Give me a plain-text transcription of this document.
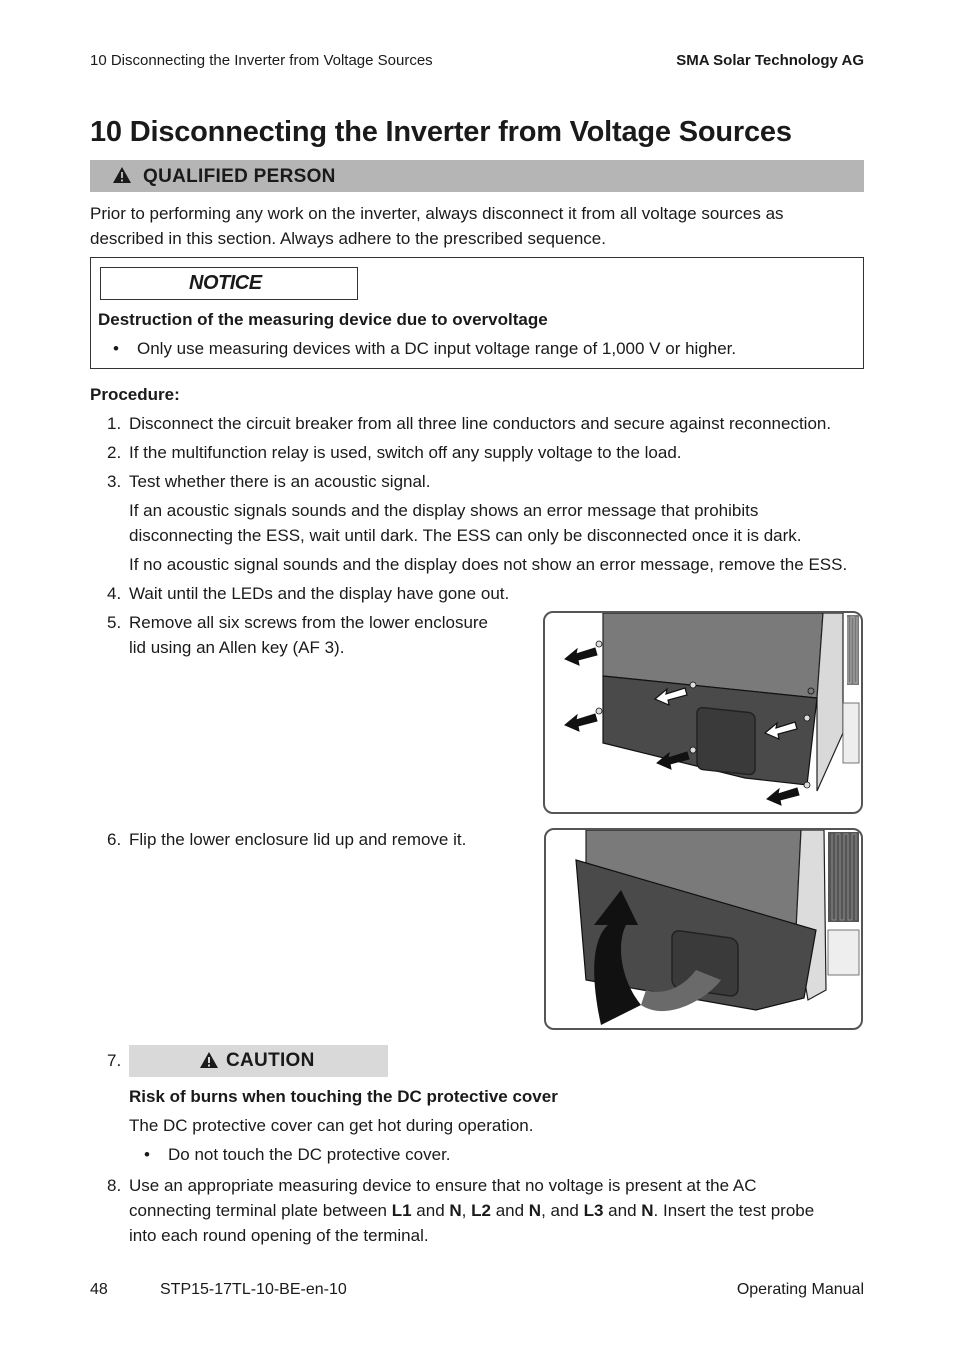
10 Disconnecting the Inverter from Voltage Sources	SMA Solar Technology AG
10 Disconnecting the Inverter from Voltage Sources
QUALIFIED PERSON
Prior to performing any work on the inverter, always disconnect it from all voltage sources as
described in this section. Always adhere to the prescribed sequence.
NOTICE
Destruction of the measuring device due to overvoltage
• Only use measuring devices with a DC input voltage range of 1,000 V or higher.
Procedure:
1. Disconnect the circuit breaker from all three line conductors and secure against reconnection.
2. If the multifunction relay is used, switch off any supply voltage to the load.
3. Test whether there is an acoustic signal.
If an acoustic signals sounds and the display shows an error message that prohibits
disconnecting the ESS, wait until dark. The ESS can only be disconnected once it is dark.
If no acoustic signal sounds and the display does not show an error message, remove the ESS.
4. Wait until the LEDs and the display have gone out.
5. Remove all six screws from the lower enclosure
lid using an Allen key (AF 3).
6. Flip the lower enclosure lid up and remove it.
7.	CAUTION
Risk of burns when touching the DC protective cover
The DC protective cover can get hot during operation.
• Do not touch the DC protective cover.
8. Use an appropriate measuring device to ensure that no voltage is present at the AC
connecting terminal plate between L1 and N, L2 and N, and L3 and N. Insert the test probe
into each round opening of the terminal.
48	STP15-17TL-10-BE-en-10	Operating Manual
